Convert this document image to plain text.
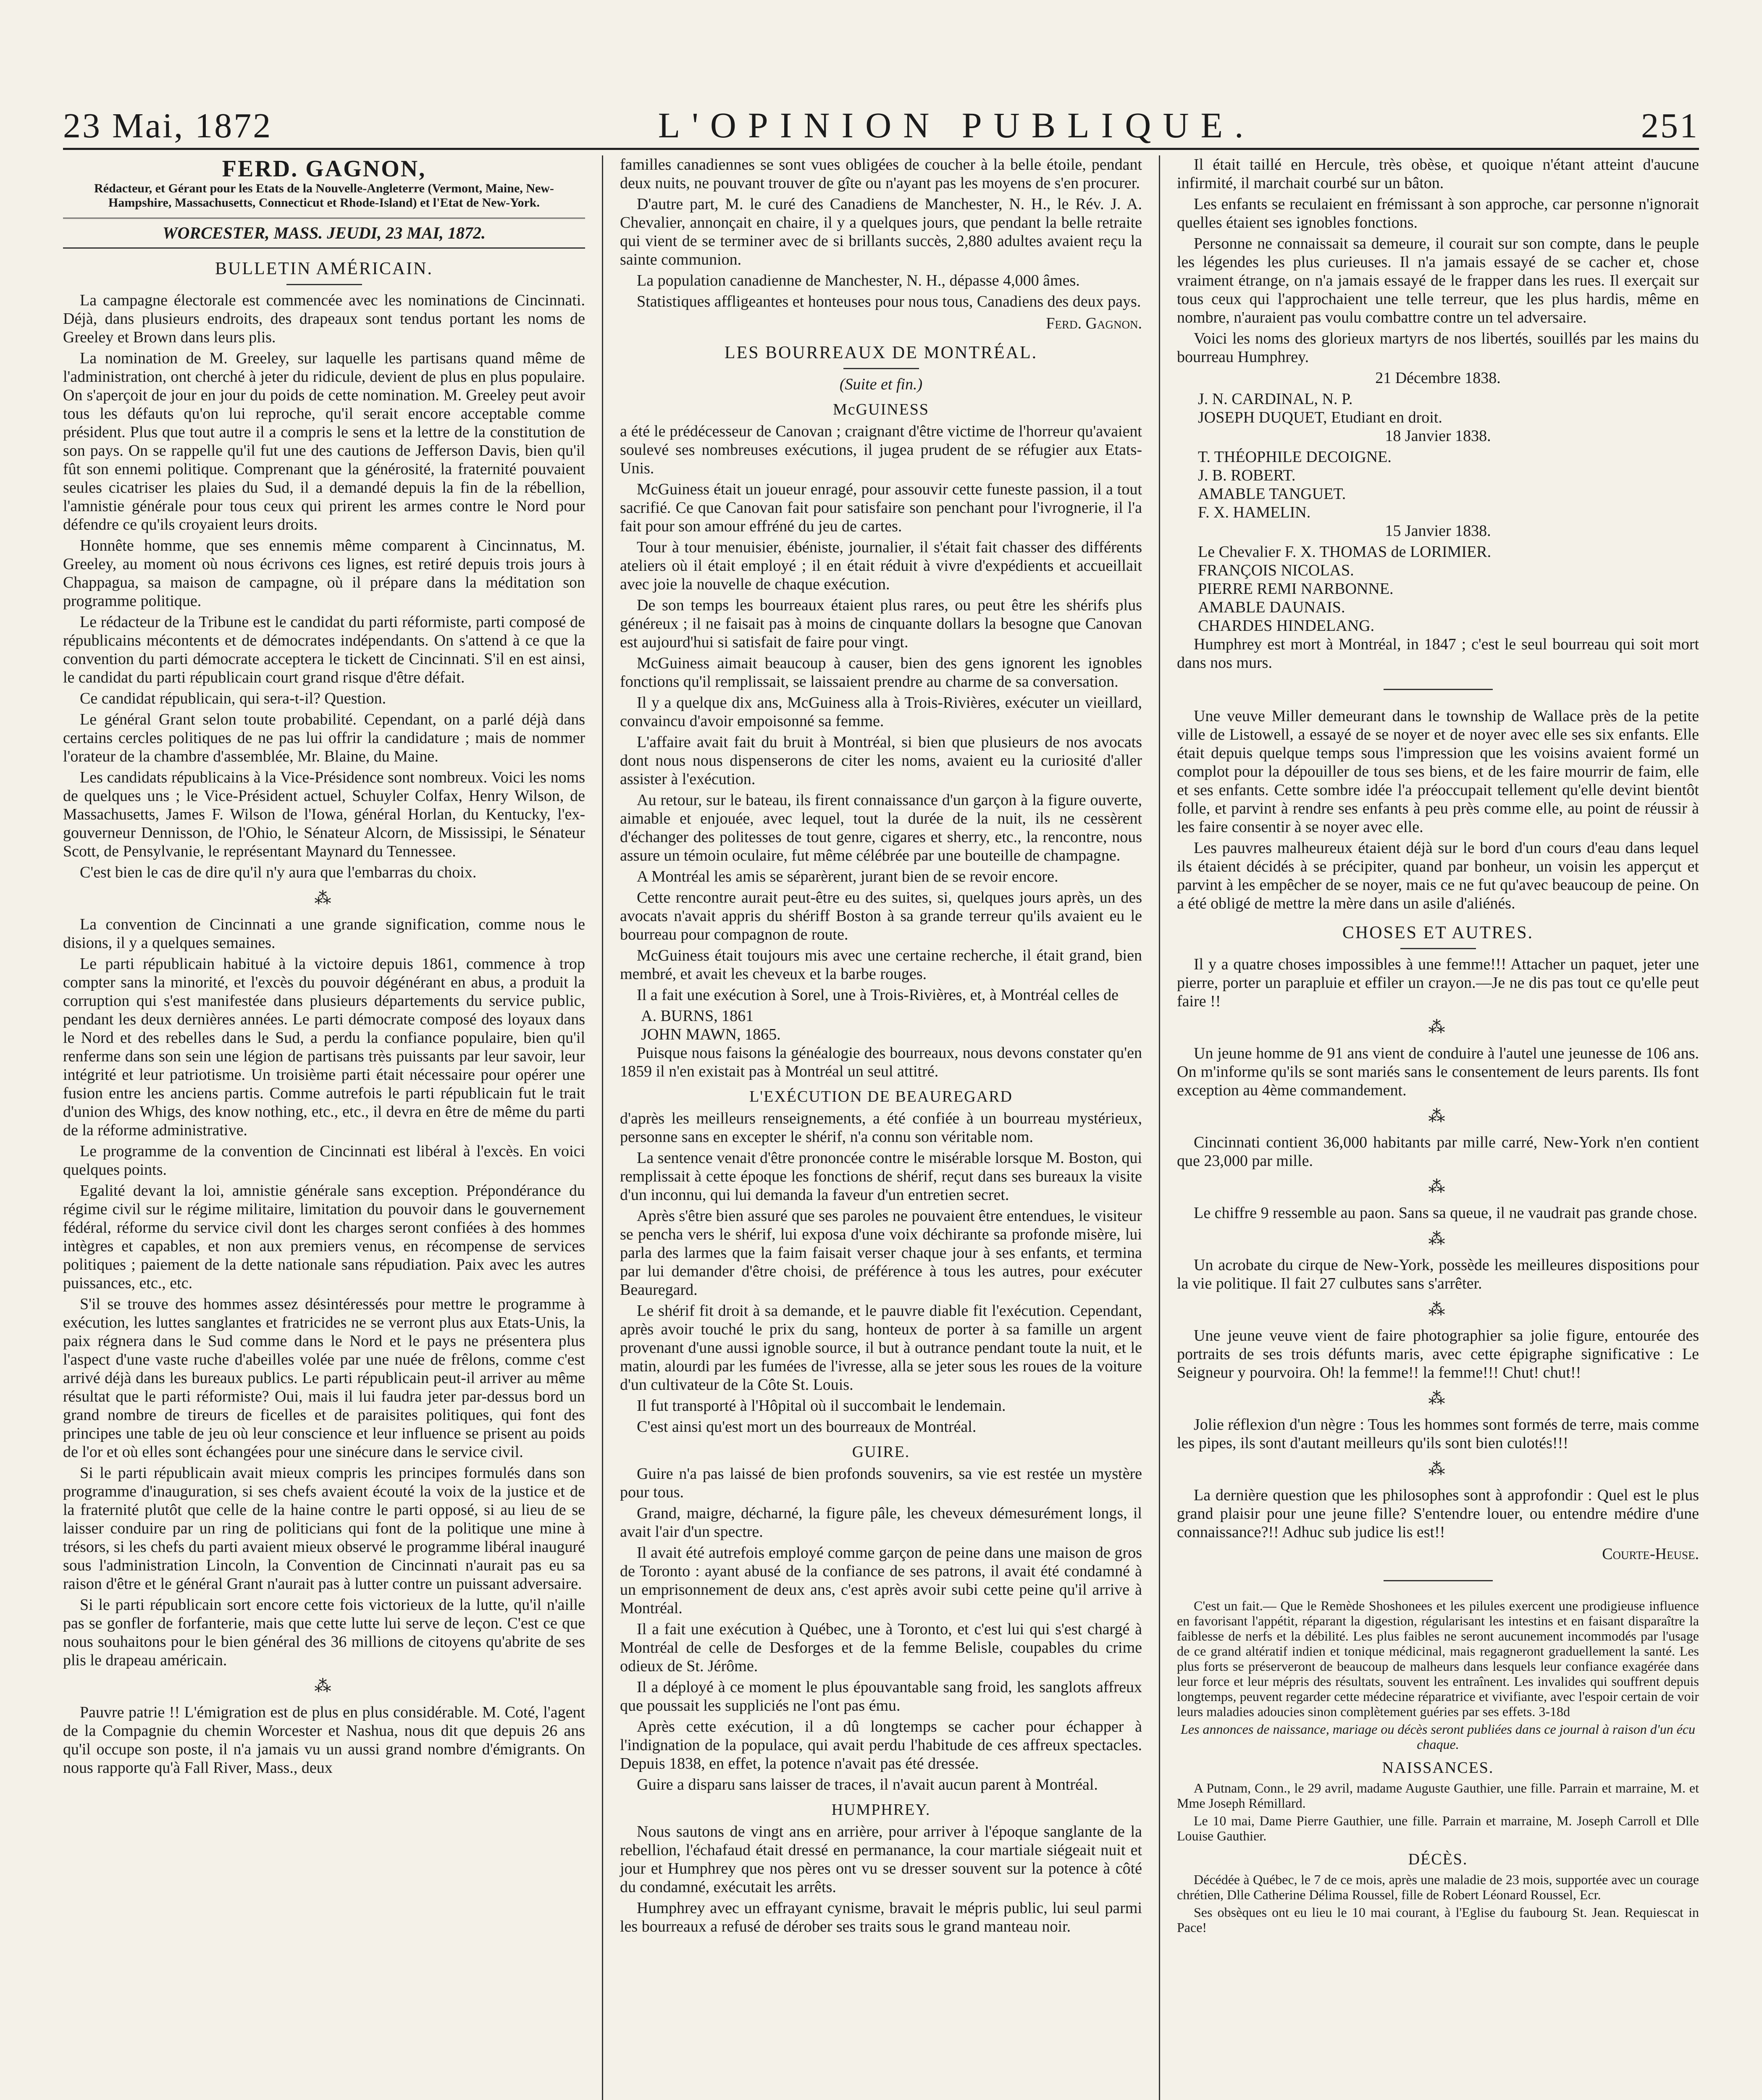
23 Mai, 1872	L'OPINION PUBLIQUE.	251
FERD. GAGNON,
Rédacteur, et Gérant pour les Etats de la Nouvelle-Angleterre (Vermont, Maine, New-Hampshire, Massachusetts, Connecticut et Rhode-Island) et l'Etat de New-York.
WORCESTER, MASS. JEUDI, 23 MAI, 1872.
BULLETIN AMÉRICAIN.

La campagne électorale est commencée avec les nominations de Cincinnati. Déjà, dans plusieurs endroits, des drapeaux sont tendus portant les noms de Greeley et Brown dans leurs plis.

La nomination de M. Greeley, sur laquelle les partisans quand même de l'administration, ont cherché à jeter du ridicule, devient de plus en plus populaire. On s'aperçoit de jour en jour du poids de cette nomination. M. Greeley peut avoir tous les défauts qu'on lui reproche, qu'il serait encore acceptable comme président. Plus que tout autre il a compris le sens et la lettre de la constitution de son pays. On se rappelle qu'il fut une des cautions de Jefferson Davis, bien qu'il fût son ennemi politique. Comprenant que la générosité, la fraternité pouvaient seules cicatriser les plaies du Sud, il a demandé depuis la fin de la rébellion, l'amnistie générale pour tous ceux qui prirent les armes contre le Nord pour défendre ce qu'ils croyaient leurs droits.

Honnête homme, que ses ennemis même comparent à Cincinnatus, M. Greeley, au moment où nous écrivons ces lignes, est retiré depuis trois jours à Chappagua, sa maison de campagne, où il prépare dans la méditation son programme politique.

Le rédacteur de la Tribune est le candidat du parti réformiste, parti composé de républicains mécontents et de démocrates indépendants. On s'attend à ce que la convention du parti démocrate acceptera le tickett de Cincinnati. S'il en est ainsi, le candidat du parti républicain court grand risque d'être défait.

Ce candidat républicain, qui sera-t-il? Question.

Le général Grant selon toute probabilité. Cependant, on a parlé déjà dans certains cercles politiques de ne pas lui offrir la candidature ; mais de nommer l'orateur de la chambre d'assemblée, Mr. Blaine, du Maine.

Les candidats républicains à la Vice-Présidence sont nombreux. Voici les noms de quelques uns ; le Vice-Président actuel, Schuyler Colfax, Henry Wilson, de Massachusetts, James F. Wilson de l'Iowa, général Horlan, du Kentucky, l'ex-gouverneur Dennisson, de l'Ohio, le Sénateur Alcorn, de Mississipi, le Sénateur Scott, de Pensylvanie, le représentant Maynard du Tennessee.

C'est bien le cas de dire qu'il n'y aura que l'embarras du choix.

⁂

La convention de Cincinnati a une grande signification, comme nous le disions, il y a quelques semaines.

Le parti républicain habitué à la victoire depuis 1861, commence à trop compter sans la minorité, et l'excès du pouvoir dégénérant en abus, a produit la corruption qui s'est manifestée dans plusieurs départements du service public, pendant les deux dernières années. Le parti démocrate composé des loyaux dans le Nord et des rebelles dans le Sud, a perdu la confiance populaire, bien qu'il renferme dans son sein une légion de partisans très puissants par leur savoir, leur intégrité et leur patriotisme. Un troisième parti était nécessaire pour opérer une fusion entre les anciens partis. Comme autrefois le parti républicain fut le trait d'union des Whigs, des know nothing, etc., etc., il devra en être de même du parti de la réforme administrative.

Le programme de la convention de Cincinnati est libéral à l'excès. En voici quelques points.

Egalité devant la loi, amnistie générale sans exception. Prépondérance du régime civil sur le régime militaire, limitation du pouvoir dans le gouvernement fédéral, réforme du service civil dont les charges seront confiées à des hommes intègres et capables, et non aux premiers venus, en récompense de services politiques ; paiement de la dette nationale sans répudiation. Paix avec les autres puissances, etc., etc.

S'il se trouve des hommes assez désintéressés pour mettre le programme à exécution, les luttes sanglantes et fratricides ne se verront plus aux Etats-Unis, la paix régnera dans le Sud comme dans le Nord et le pays ne présentera plus l'aspect d'une vaste ruche d'abeilles volée par une nuée de frêlons, comme c'est arrivé déjà dans les bureaux publics. Le parti républicain peut-il arriver au même résultat que le parti réformiste? Oui, mais il lui faudra jeter par-dessus bord un grand nombre de tireurs de ficelles et de paraisites politiques, qui font des principes une table de jeu où leur conscience et leur influence se prisent au poids de l'or et où elles sont échangées pour une sinécure dans le service civil.

Si le parti républicain avait mieux compris les principes formulés dans son programme d'inauguration, si ses chefs avaient écouté la voix de la justice et de la fraternité plutôt que celle de la haine contre le parti opposé, si au lieu de se laisser conduire par un ring de politicians qui font de la politique une mine à trésors, si les chefs du parti avaient mieux observé le programme libéral inauguré sous l'administration Lincoln, la Convention de Cincinnati n'aurait pas eu sa raison d'être et le général Grant n'aurait pas à lutter contre un puissant adversaire.

Si le parti républicain sort encore cette fois victorieux de la lutte, qu'il n'aille pas se gonfler de forfanterie, mais que cette lutte lui serve de leçon. C'est ce que nous souhaitons pour le bien général des 36 millions de citoyens qu'abrite de ses plis le drapeau américain.

⁂

Pauvre patrie !! L'émigration est de plus en plus considérable. M. Coté, l'agent de la Compagnie du chemin Worcester et Nashua, nous dit que depuis 26 ans qu'il occupe son poste, il n'a jamais vu un aussi grand nombre d'émigrants. On nous rapporte qu'à Fall River, Mass., deux

familles canadiennes se sont vues obligées de coucher à la belle étoile, pendant deux nuits, ne pouvant trouver de gîte ou n'ayant pas les moyens de s'en procurer.

D'autre part, M. le curé des Canadiens de Manchester, N. H., le Rév. J. A. Chevalier, annonçait en chaire, il y a quelques jours, que pendant la belle retraite qui vient de se terminer avec de si brillants succès, 2,880 adultes avaient reçu la sainte communion.

La population canadienne de Manchester, N. H., dépasse 4,000 âmes.

Statistiques affligeantes et honteuses pour nous tous, Canadiens des deux pays.

Ferd. Gagnon.
LES BOURREAUX DE MONTRÉAL.
(Suite et fin.)
McGUINESS

a été le prédécesseur de Canovan ; craignant d'être victime de l'horreur qu'avaient soulevé ses nombreuses exécutions, il jugea prudent de se réfugier aux Etats-Unis.

McGuiness était un joueur enragé, pour assouvir cette funeste passion, il a tout sacrifié. Ce que Canovan fait pour satisfaire son penchant pour l'ivrognerie, il l'a fait pour son amour effréné du jeu de cartes.

Tour à tour menuisier, ébéniste, journalier, il s'était fait chasser des différents ateliers où il était employé ; il en était réduit à vivre d'expédients et accueillait avec joie la nouvelle de chaque exécution.

De son temps les bourreaux étaient plus rares, ou peut être les shérifs plus généreux ; il ne faisait pas à moins de cinquante dollars la besogne que Canovan est aujourd'hui si satisfait de faire pour vingt.

McGuiness aimait beaucoup à causer, bien des gens ignorent les ignobles fonctions qu'il remplissait, se laissaient prendre au charme de sa conversation.

Il y a quelque dix ans, McGuiness alla à Trois-Rivières, exécuter un vieillard, convaincu d'avoir empoisonné sa femme.

L'affaire avait fait du bruit à Montréal, si bien que plusieurs de nos avocats dont nous nous dispenserons de citer les noms, avaient eu la curiosité d'aller assister à l'exécution.

Au retour, sur le bateau, ils firent connaissance d'un garçon à la figure ouverte, aimable et enjouée, avec lequel, tout la durée de la nuit, ils ne cessèrent d'échanger des politesses de tout genre, cigares et sherry, etc., la rencontre, nous assure un témoin oculaire, fut même célébrée par une bouteille de champagne.

A Montréal les amis se séparèrent, jurant bien de se revoir encore.

Cette rencontre aurait peut-être eu des suites, si, quelques jours après, un des avocats n'avait appris du shériff Boston à sa grande terreur qu'ils avaient eu le bourreau pour compagnon de route.

McGuiness était toujours mis avec une certaine recherche, il était grand, bien membré, et avait les cheveux et la barbe rouges.

Il a fait une exécution à Sorel, une à Trois-Rivières, et, à Montréal celles de

A. BURNS, 1861

JOHN MAWN, 1865.

Puisque nous faisons la généalogie des bourreaux, nous devons constater qu'en 1859 il n'en existait pas à Montréal un seul attitré.

L'EXÉCUTION DE BEAUREGARD

d'après les meilleurs renseignements, a été confiée à un bourreau mystérieux, personne sans en excepter le shérif, n'a connu son véritable nom.

La sentence venait d'être prononcée contre le misérable lorsque M. Boston, qui remplissait à cette époque les fonctions de shérif, reçut dans ses bureaux la visite d'un inconnu, qui lui demanda la faveur d'un entretien secret.

Après s'être bien assuré que ses paroles ne pouvaient être entendues, le visiteur se pencha vers le shérif, lui exposa d'une voix déchirante sa profonde misère, lui parla des larmes que la faim faisait verser chaque jour à ses enfants, et termina par lui demander d'être choisi, de préférence à tous les autres, pour exécuter Beauregard.

Le shérif fit droit à sa demande, et le pauvre diable fit l'exécution. Cependant, après avoir touché le prix du sang, honteux de porter à sa famille un argent provenant d'une aussi ignoble source, il but à outrance pendant toute la nuit, et le matin, alourdi par les fumées de l'ivresse, alla se jeter sous les roues de la voiture d'un cultivateur de la Côte St. Louis.

Il fut transporté à l'Hôpital où il succombait le lendemain.

C'est ainsi qu'est mort un des bourreaux de Montréal.

GUIRE.

Guire n'a pas laissé de bien profonds souvenirs, sa vie est restée un mystère pour tous.

Grand, maigre, décharné, la figure pâle, les cheveux démesurément longs, il avait l'air d'un spectre.

Il avait été autrefois employé comme garçon de peine dans une maison de gros de Toronto : ayant abusé de la confiance de ses patrons, il avait été condamné à un emprisonnement de deux ans, c'est après avoir subi cette peine qu'il arrive à Montréal.

Il a fait une exécution à Québec, une à Toronto, et c'est lui qui s'est chargé à Montréal de celle de Desforges et de la femme Belisle, coupables du crime odieux de St. Jérôme.

Il a déployé à ce moment le plus épouvantable sang froid, les sanglots affreux que poussait les suppliciés ne l'ont pas ému.

Après cette exécution, il a dû longtemps se cacher pour échapper à l'indignation de la populace, qui avait perdu l'habitude de ces affreux spectacles. Depuis 1838, en effet, la potence n'avait pas été dressée.

Guire a disparu sans laisser de traces, il n'avait aucun parent à Montréal.

HUMPHREY.

Nous sautons de vingt ans en arrière, pour arriver à l'époque sanglante de la rebellion, l'échafaud était dressé en permanance, la cour martiale siégeait nuit et jour et Humphrey que nos pères ont vu se dresser souvent sur la potence à côté du condamné, exécutait les arrêts.

Humphrey avec un effrayant cynisme, bravait le mépris public, lui seul parmi les bourreaux a refusé de dérober ses traits sous le grand manteau noir.

Il était taillé en Hercule, très obèse, et quoique n'étant atteint d'aucune infirmité, il marchait courbé sur un bâton.

Les enfants se reculaient en frémissant à son approche, car personne n'ignorait quelles étaient ses ignobles fonctions.

Personne ne connaissait sa demeure, il courait sur son compte, dans le peuple les légendes les plus curieuses. Il n'a jamais essayé de se cacher et, chose vraiment étrange, on n'a jamais essayé de le frapper dans les rues. Il exerçait sur tous ceux qui l'approchaient une telle terreur, que les plus hardis, même en nombre, n'auraient pas voulu combattre contre un tel adversaire.

Voici les noms des glorieux martyrs de nos libertés, souillés par les mains du bourreau Humphrey.

21 Décembre 1838.

J. N. CARDINAL, N. P.

JOSEPH DUQUET, Etudiant en droit.

18 Janvier 1838.

T. THÉOPHILE DECOIGNE.

J. B. ROBERT.

AMABLE TANGUET.

F. X. HAMELIN.

15 Janvier 1838.

Le Chevalier F. X. THOMAS de LORIMIER.

FRANÇOIS NICOLAS.

PIERRE REMI NARBONNE.

AMABLE DAUNAIS.

CHARDES HINDELANG.

Humphrey est mort à Montréal, in 1847 ; c'est le seul bourreau qui soit mort dans nos murs.

Une veuve Miller demeurant dans le township de Wallace près de la petite ville de Listowell, a essayé de se noyer et de noyer avec elle ses six enfants. Elle était depuis quelque temps sous l'impression que les voisins avaient formé un complot pour la dépouiller de tous ses biens, et de les faire mourrir de faim, elle et ses enfants. Cette sombre idée l'a préoccupait tellement qu'elle devint bientôt folle, et parvint à rendre ses enfants à peu près comme elle, au point de réussir à les faire consentir à se noyer avec elle.

Les pauvres malheureux étaient déjà sur le bord d'un cours d'eau dans lequel ils étaient décidés à se précipiter, quand par bonheur, un voisin les apperçut et parvint à les empêcher de se noyer, mais ce ne fut qu'avec beaucoup de peine. On a été obligé de mettre la mère dans un asile d'aliénés.

CHOSES ET AUTRES.

Il y a quatre choses impossibles à une femme!!! Attacher un paquet, jeter une pierre, porter un parapluie et effiler un crayon.—Je ne dis pas tout ce qu'elle peut faire !!

⁂

Un jeune homme de 91 ans vient de conduire à l'autel une jeunesse de 106 ans. On m'informe qu'ils se sont mariés sans le consentement de leurs parents. Ils font exception au 4ème commandement.

⁂

Cincinnati contient 36,000 habitants par mille carré, New-York n'en contient que 23,000 par mille.

⁂

Le chiffre 9 ressemble au paon. Sans sa queue, il ne vaudrait pas grande chose.

⁂

Un acrobate du cirque de New-York, possède les meilleures dispositions pour la vie politique. Il fait 27 culbutes sans s'arrêter.

⁂

Une jeune veuve vient de faire photographier sa jolie figure, entourée des portraits de ses trois défunts maris, avec cette épigraphe significative : Le Seigneur y pourvoira. Oh! la femme!! la femme!!! Chut! chut!!

⁂

Jolie réflexion d'un nègre : Tous les hommes sont formés de terre, mais comme les pipes, ils sont d'autant meilleurs qu'ils sont bien culotés!!!

⁂

La dernière question que les philosophes sont à approfondir : Quel est le plus grand plaisir pour une jeune fille? S'entendre louer, ou entendre médire d'une connaissance?!! Adhuc sub judice lis est!!

Courte-Heuse.

C'est un fait.— Que le Remède Shoshonees et les pilules exercent une prodigieuse influence en favorisant l'appétit, réparant la digestion, régularisant les intestins et en faisant disparaître la faiblesse de nerfs et la débilité. Les plus faibles ne seront aucunement incommodés par l'usage de ce grand altératif indien et tonique médicinal, mais regagneront graduellement la santé. Les plus forts se préserveront de beaucoup de malheurs dans lesquels leur confiance exagérée dans leur force et leur mépris des résultats, souvent les entraînent. Les invalides qui souffrent depuis longtemps, peuvent regarder cette médecine réparatrice et vivifiante, avec l'espoir certain de voir leurs maladies adoucies sinon complètement guéries par ses effets. 3-18d

Les annonces de naissance, mariage ou décès seront publiées dans ce journal à raison d'un écu chaque.

NAISSANCES.

A Putnam, Conn., le 29 avril, madame Auguste Gauthier, une fille. Parrain et marraine, M. et Mme Joseph Rémillard.

Le 10 mai, Dame Pierre Gauthier, une fille. Parrain et marraine, M. Joseph Carroll et Dlle Louise Gauthier.

DÉCÈS.

Décédée à Québec, le 7 de ce mois, après une maladie de 23 mois, supportée avec un courage chrétien, Dlle Catherine Délima Roussel, fille de Robert Léonard Roussel, Ecr.

Ses obsèques ont eu lieu le 10 mai courant, à l'Eglise du faubourg St. Jean. Requiescat in Pace!
